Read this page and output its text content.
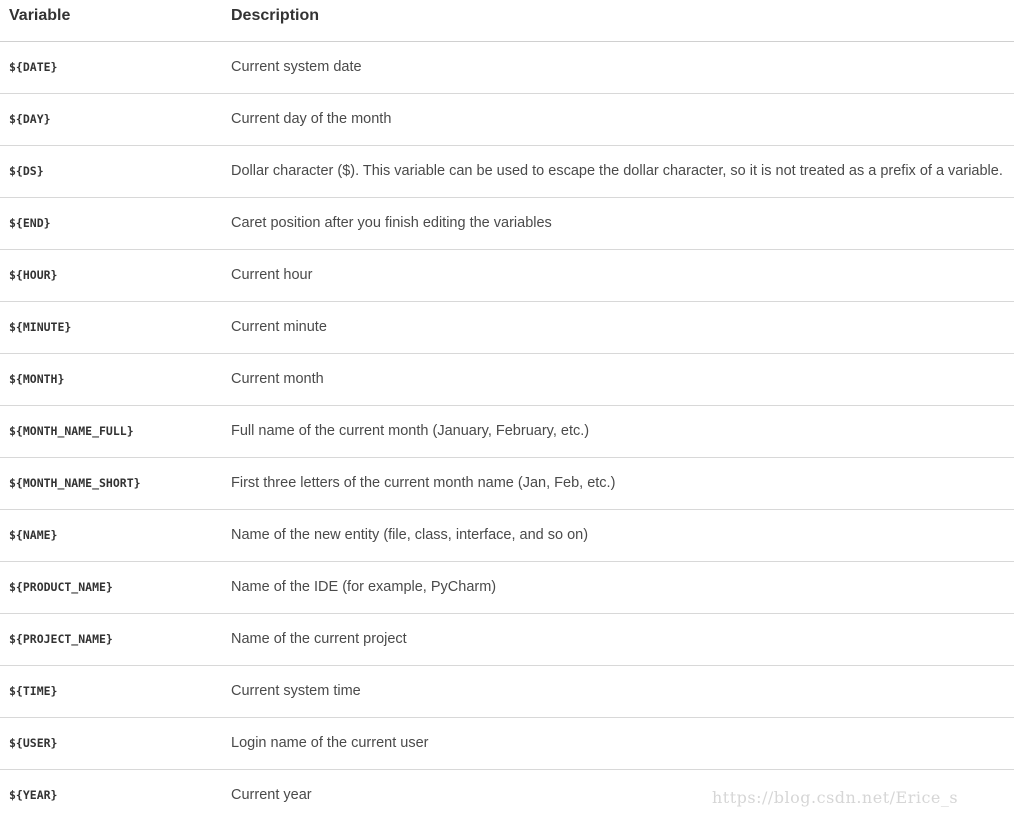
Variable	Description
${DATE}	Current system date
${DAY}	Current day of the month
${DS}	Dollar character ($). This variable can be used to escape the dollar character, so it is not treated as a prefix of a variable.
${END}	Caret position after you finish editing the variables
${HOUR}	Current hour
${MINUTE}	Current minute
${MONTH}	Current month
${MONTH_NAME_FULL}	Full name of the current month (January, February, etc.)
${MONTH_NAME_SHORT}	First three letters of the current month name (Jan, Feb, etc.)
${NAME}	Name of the new entity (file, class, interface, and so on)
${PRODUCT_NAME}	Name of the IDE (for example, PyCharm)
${PROJECT_NAME}	Name of the current project
${TIME}	Current system time
${USER}	Login name of the current user
${YEAR}	Current year	https://blog.csdn.net/Erice_s
